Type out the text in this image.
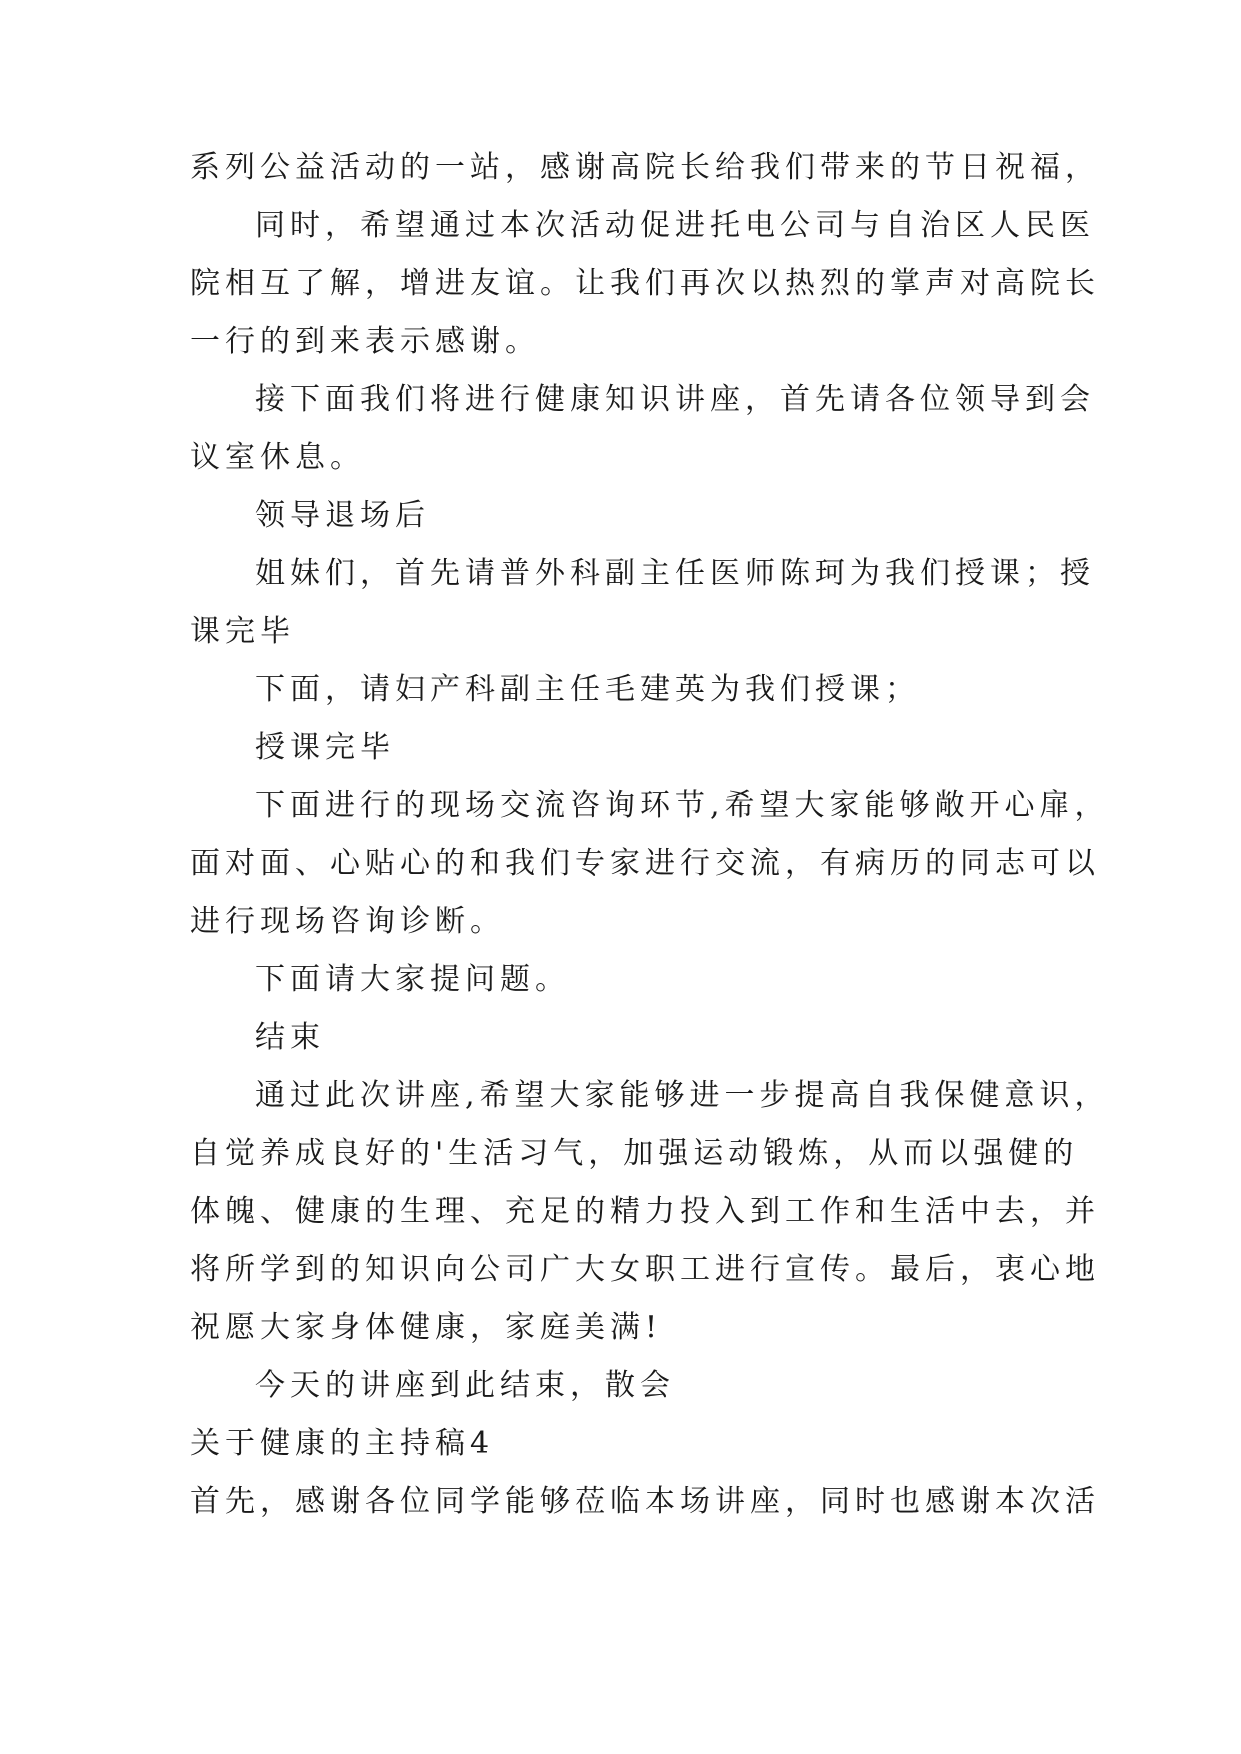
系列公益活动的一站，感谢高院长给我们带来的节日祝福，
同时，希望通过本次活动促进托电公司与自治区人民医
院相互了解，增进友谊。让我们再次以热烈的掌声对高院长
一行的到来表示感谢。
接下面我们将进行健康知识讲座，首先请各位领导到会
议室休息。
领导退场后
姐妹们，首先请普外科副主任医师陈珂为我们授课；授
课完毕
下面，请妇产科副主任毛建英为我们授课；
授课完毕
下面进行的现场交流咨询环节,希望大家能够敞开心扉，
面对面、心贴心的和我们专家进行交流，有病历的同志可以
进行现场咨询诊断。
下面请大家提问题。
结束
通过此次讲座,希望大家能够进一步提高自我保健意识，
自觉养成良好的'生活习气，加强运动锻炼，从而以强健的
体魄、健康的生理、充足的精力投入到工作和生活中去，并
将所学到的知识向公司广大女职工进行宣传。最后，衷心地
祝愿大家身体健康，家庭美满!
今天的讲座到此结束，散会
关于健康的主持稿4
首先，感谢各位同学能够莅临本场讲座，同时也感谢本次活
